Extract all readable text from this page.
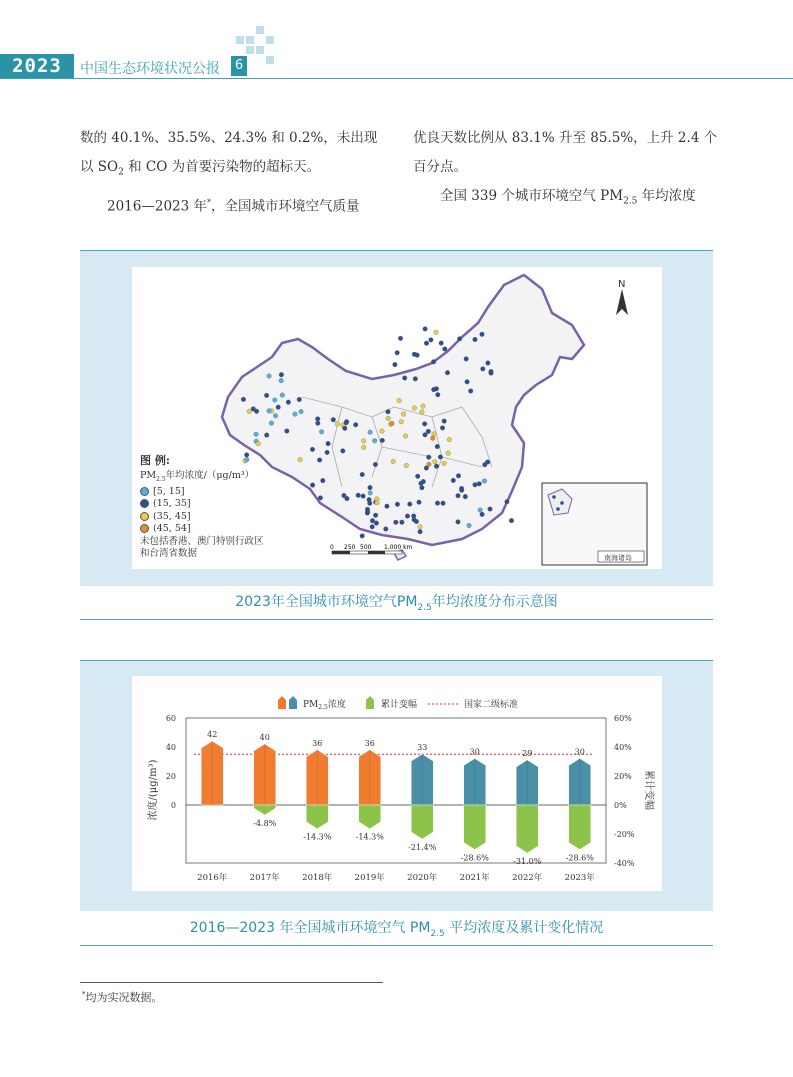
2023	中国生态环境状况公报 6
数的 40.1%、35.5%、24.3% 和 0.2%，未出现
以 $SO_2$ 和 CO 为首要污染物的超标天。
2016—2023 年*，全国城市环境空气质量
优良天数比例从 83.1% 升至 85.5%，上升 2.4 个
百分点。
全国 339 个城市环境空气 $PM_{2.5}$ 年均浓度
N
南海诸岛
0 250 500 1,000 km
图 例:
$PM_{2.5}$年均浓度/（μg/m³）
[5, 15]
(15, 35]
(35, 45]
(45, 54]
未包括香港、澳门特别行政区
和台湾省数据
2023年全国城市环境空气$PM_{2.5}$年均浓度分布示意图
$PM_{2.5}$浓度	累计变幅	国家二级标准
60
40
20
0
60%
40%
20%
0%
-20%
-40%
2016年	2017年	2018年	2019年	2020年	2021年	2022年	2023年
42	40
-4.8%
36
-14.3%
36
-14.3%
33
-21.4%
30
-28.6%
29
-31.0%
30
-28.6%
浓度/(μg/m³)	累计变幅
2016—2023 年全国城市环境空气 $PM_{2.5}$ 平均浓度及累计变化情况
*均为实况数据。
